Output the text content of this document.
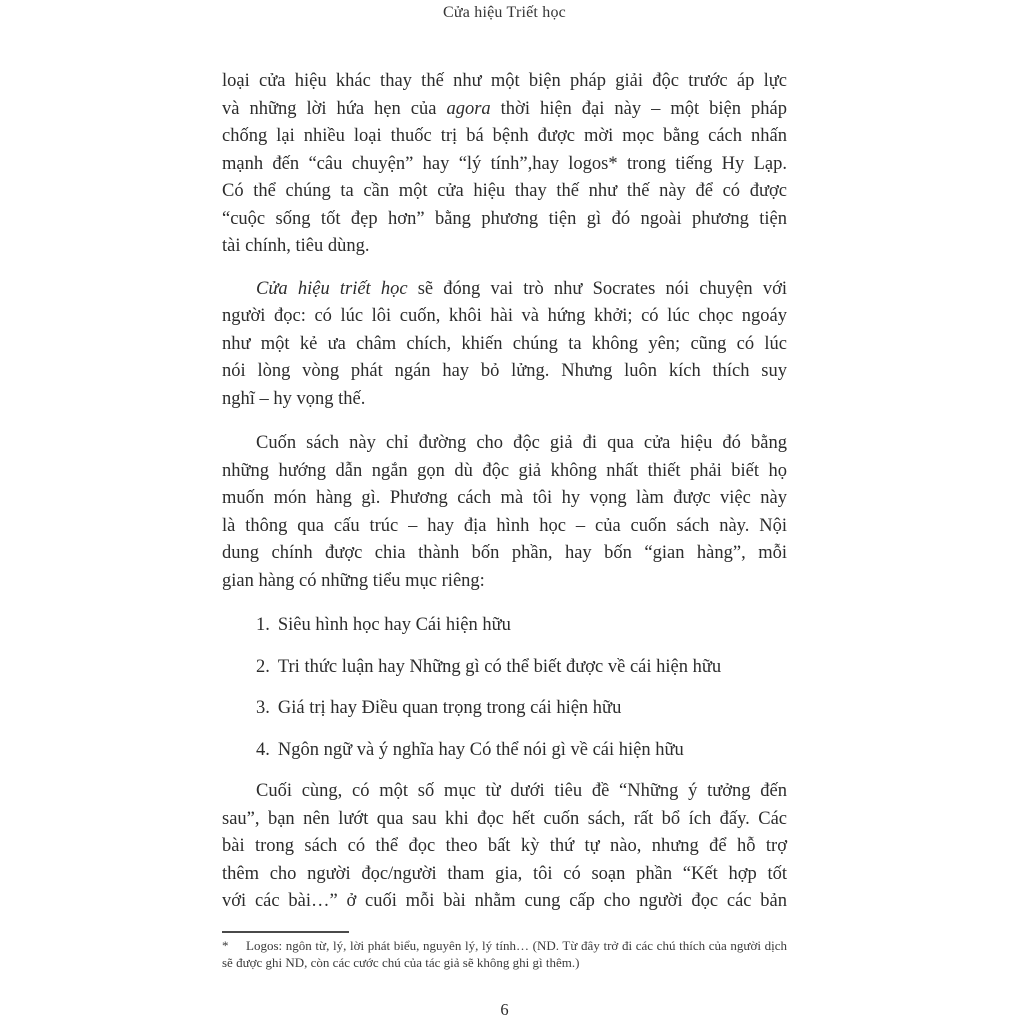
Cửa hiệu Triết học
loại cửa hiệu khác thay thế như một biện pháp giải độc trước áp lực
và những lời hứa hẹn của agora thời hiện đại này – một biện pháp
chống lại nhiều loại thuốc trị bá bệnh được mời mọc bằng cách nhấn
mạnh đến “câu chuyện” hay “lý tính”,hay logos* trong tiếng Hy Lạp.
Có thể chúng ta cần một cửa hiệu thay thế như thế này để có được
“cuộc sống tốt đẹp hơn” bằng phương tiện gì đó ngoài phương tiện
tài chính, tiêu dùng.
Cửa hiệu triết học sẽ đóng vai trò như Socrates nói chuyện với
người đọc: có lúc lôi cuốn, khôi hài và hứng khởi; có lúc chọc ngoáy
như một kẻ ưa châm chích, khiến chúng ta không yên; cũng có lúc
nói lòng vòng phát ngán hay bỏ lửng. Nhưng luôn kích thích suy
nghĩ – hy vọng thế.
Cuốn sách này chỉ đường cho độc giả đi qua cửa hiệu đó bằng
những hướng dẫn ngắn gọn dù độc giả không nhất thiết phải biết họ
muốn món hàng gì. Phương cách mà tôi hy vọng làm được việc này
là thông qua cấu trúc – hay địa hình học – của cuốn sách này. Nội
dung chính được chia thành bốn phần, hay bốn “gian hàng”, mỗi
gian hàng có những tiểu mục riêng:
1. Siêu hình học hay Cái hiện hữu
2. Tri thức luận hay Những gì có thể biết được về cái hiện hữu
3. Giá trị hay Điều quan trọng trong cái hiện hữu
4. Ngôn ngữ và ý nghĩa hay Có thể nói gì về cái hiện hữu
Cuối cùng, có một số mục từ dưới tiêu đề “Những ý tưởng đến
sau”, bạn nên lướt qua sau khi đọc hết cuốn sách, rất bổ ích đấy. Các
bài trong sách có thể đọc theo bất kỳ thứ tự nào, nhưng để hỗ trợ
thêm cho người đọc/người tham gia, tôi có soạn phần “Kết hợp tốt
với các bài…” ở cuối mỗi bài nhằm cung cấp cho người đọc các bản
* Logos: ngôn từ, lý, lời phát biểu, nguyên lý, lý tính… (ND. Từ đây trở đi các chú thích của người dịch
sẽ được ghi ND, còn các cước chú của tác giả sẽ không ghi gì thêm.)
6
